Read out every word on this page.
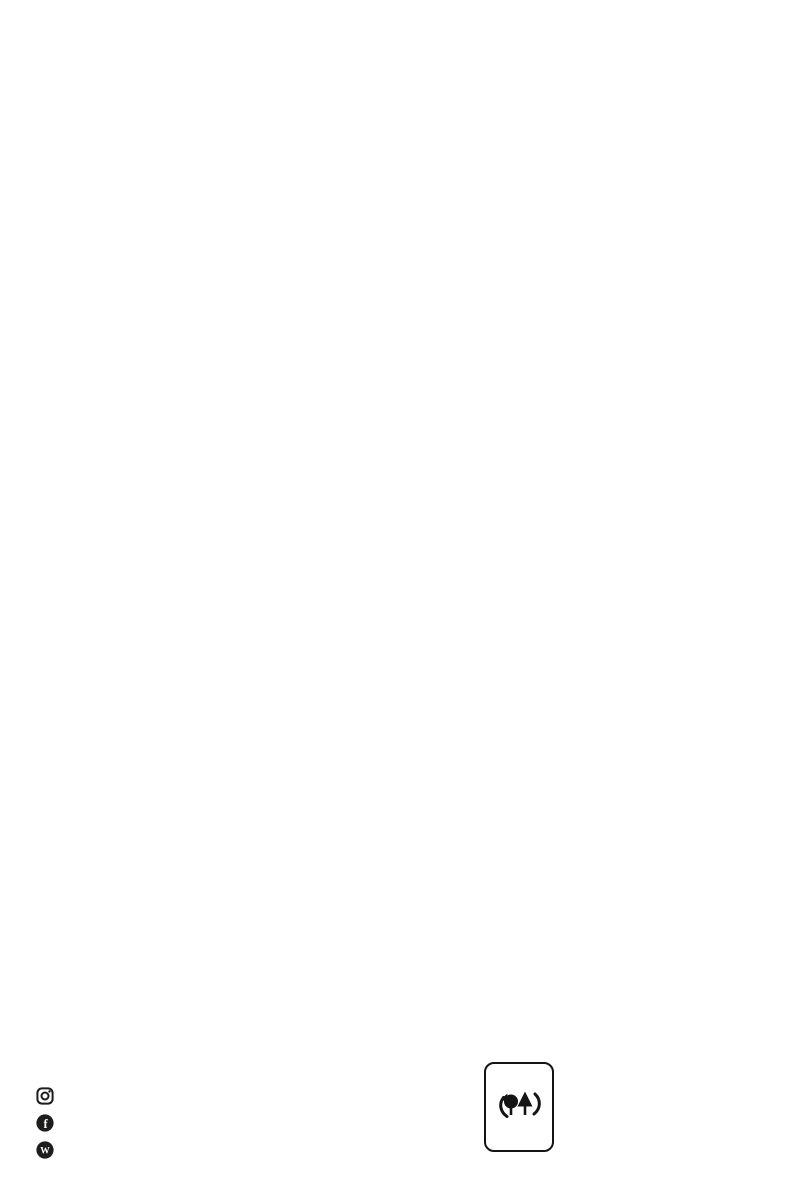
f
W
